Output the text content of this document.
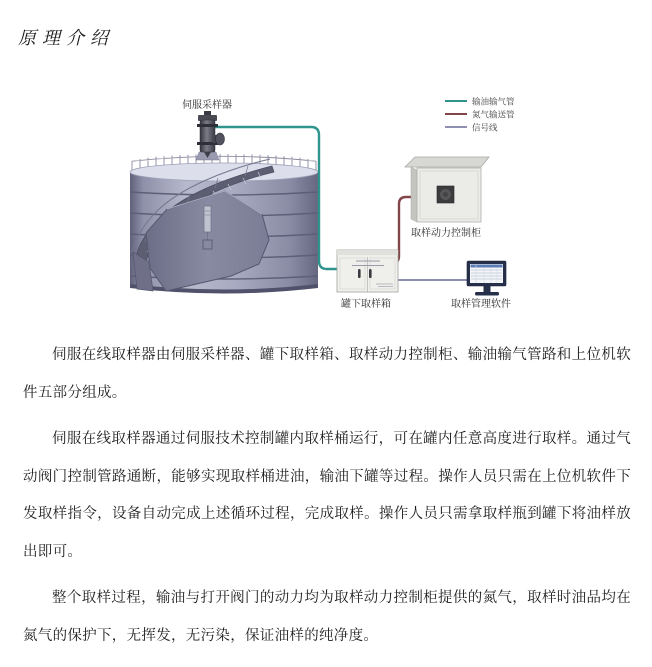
原理介绍
伺服采样器
取样动力控制柜
罐下取样箱	取样管理软件
输油输气管
氮气输送管
信号线

伺服在线取样器由伺服采样器、罐下取样箱、取样动力控制柜、输油输气管路和上位机软件五部分组成。

伺服在线取样器通过伺服技术控制罐内取样桶运行，可在罐内任意高度进行取样。通过气动阀门控制管路通断，能够实现取样桶进油，输油下罐等过程。操作人员只需在上位机软件下发取样指令，设备自动完成上述循环过程，完成取样。操作人员只需拿取样瓶到罐下将油样放出即可。

整个取样过程，输油与打开阀门的动力均为取样动力控制柜提供的氮气，取样时油品均在氮气的保护下，无挥发，无污染，保证油样的纯净度。
